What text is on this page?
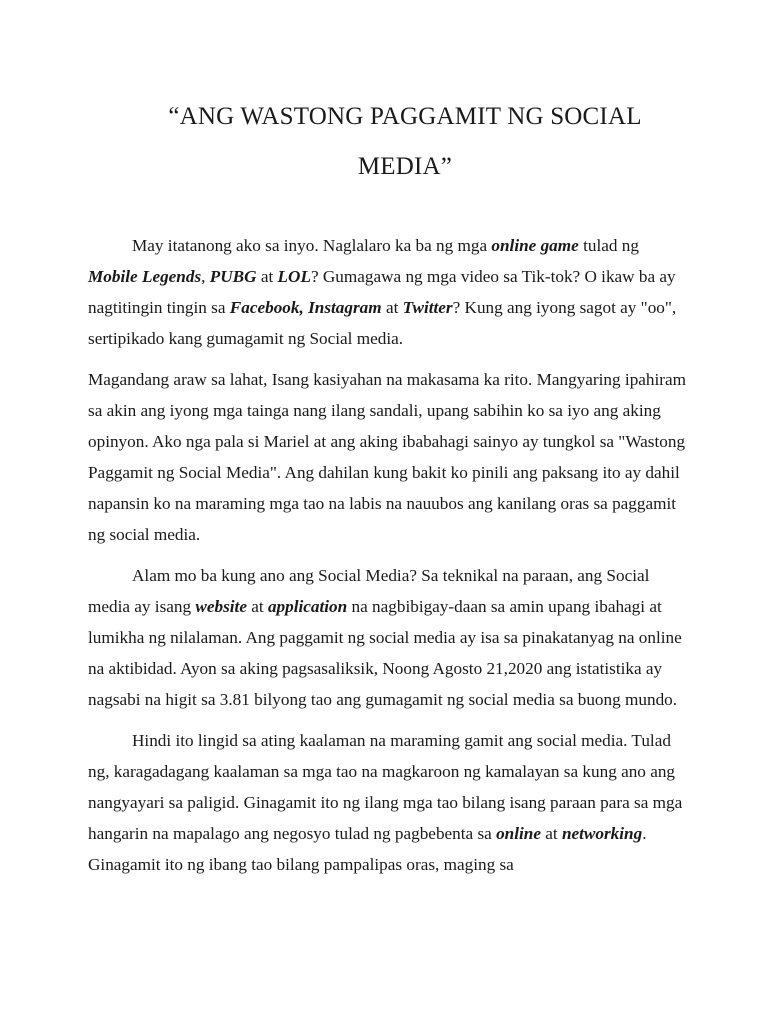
“ANG WASTONG PAGGAMIT NG SOCIAL MEDIA”

May itatanong ako sa inyo. Naglalaro ka ba ng mga online game tulad ng Mobile Legends, PUBG at LOL? Gumagawa ng mga video sa Tik-tok? O ikaw ba ay nagtitingin tingin sa Facebook, Instagram at Twitter? Kung ang iyong sagot ay "oo", sertipikado kang gumagamit ng Social media.

Magandang araw sa lahat, Isang kasiyahan na makasama ka rito. Mangyaring ipahiram sa akin ang iyong mga tainga nang ilang sandali, upang sabihin ko sa iyo ang aking opinyon. Ako nga pala si Mariel at ang aking ibabahagi sainyo ay tungkol sa "Wastong Paggamit ng Social Media". Ang dahilan kung bakit ko pinili ang paksang ito ay dahil napansin ko na maraming mga tao na labis na nauubos ang kanilang oras sa paggamit ng social media.

Alam mo ba kung ano ang Social Media? Sa teknikal na paraan, ang Social media ay isang website at application na nagbibigay-daan sa amin upang ibahagi at lumikha ng nilalaman. Ang paggamit ng social media ay isa sa pinakatanyag na online na aktibidad. Ayon sa aking pagsasaliksik, Noong Agosto 21,2020 ang istatistika ay nagsabi na higit sa 3.81 bilyong tao ang gumagamit ng social media sa buong mundo.

Hindi ito lingid sa ating kaalaman na maraming gamit ang social media. Tulad ng, karagadagang kaalaman sa mga tao na magkaroon ng kamalayan sa kung ano ang nangyayari sa paligid. Ginagamit ito ng ilang mga tao bilang isang paraan para sa mga hangarin na mapalago ang negosyo tulad ng pagbebenta sa online at networking. Ginagamit ito ng ibang tao bilang pampalipas oras, maging sa
